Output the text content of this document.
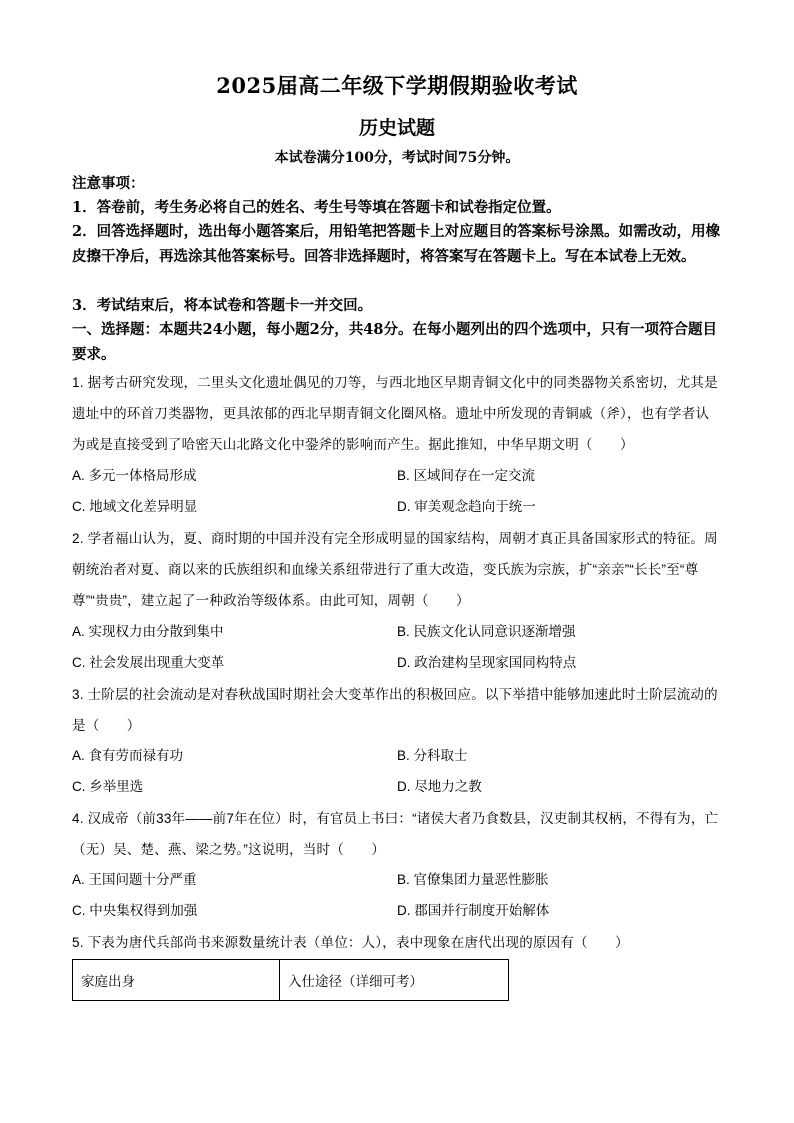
2025届高二年级下学期假期验收考试
历史试题
本试卷满分100分，考试时间75分钟。
注意事项：
1．答卷前，考生务必将自己的姓名、考生号等填在答题卡和试卷指定位置。
2．回答选择题时，选出每小题答案后，用铅笔把答题卡上对应题目的答案标号涂黑。如需改动，用橡皮擦干净后，再选涂其他答案标号。回答非选择题时，将答案写在答题卡上。写在本试卷上无效。
3．考试结束后，将本试卷和答题卡一并交回。
一、选择题：本题共24小题，每小题2分，共48分。在每小题列出的四个选项中，只有一项符合题目要求。
1. 据考古研究发现，二里头文化遗址偶见的刀等，与西北地区早期青铜文化中的同类器物关系密切，尤其是遗址中的环首刀类器物，更具浓郁的西北早期青铜文化圈风格。遗址中所发现的青铜戚（斧），也有学者认为或是直接受到了哈密天山北路文化中銎斧的影响而产生。据此推知，中华早期文明（　　）
A. 多元一体格局形成	B. 区域间存在一定交流
C. 地域文化差异明显	D. 审美观念趋向于统一
2. 学者福山认为，夏、商时期的中国并没有完全形成明显的国家结构，周朝才真正具备国家形式的特征。周朝统治者对夏、商以来的氏族组织和血缘关系纽带进行了重大改造，变氏族为宗族，扩“亲亲”“长长”至“尊尊”“贵贵”，建立起了一种政治等级体系。由此可知，周朝（　　）
A. 实现权力由分散到集中	B. 民族文化认同意识逐渐增强
C. 社会发展出现重大变革	D. 政治建构呈现家国同构特点
3. 士阶层的社会流动是对春秋战国时期社会大变革作出的积极回应。以下举措中能够加速此时士阶层流动的是（　　）
A. 食有劳而禄有功	B. 分科取士
C. 乡举里选	D. 尽地力之教
4. 汉成帝（前33年——前7年在位）时，有官员上书曰：“诸侯大者乃食数县，汉吏制其权柄，不得有为，亡（无）吴、楚、燕、梁之势。”这说明，当时（　　）
A. 王国问题十分严重	B. 官僚集团力量恶性膨胀
C. 中央集权得到加强	D. 郡国并行制度开始解体
5. 下表为唐代兵部尚书来源数量统计表（单位：人），表中现象在唐代出现的原因有（　　）
家庭出身	入仕途径（详细可考）
